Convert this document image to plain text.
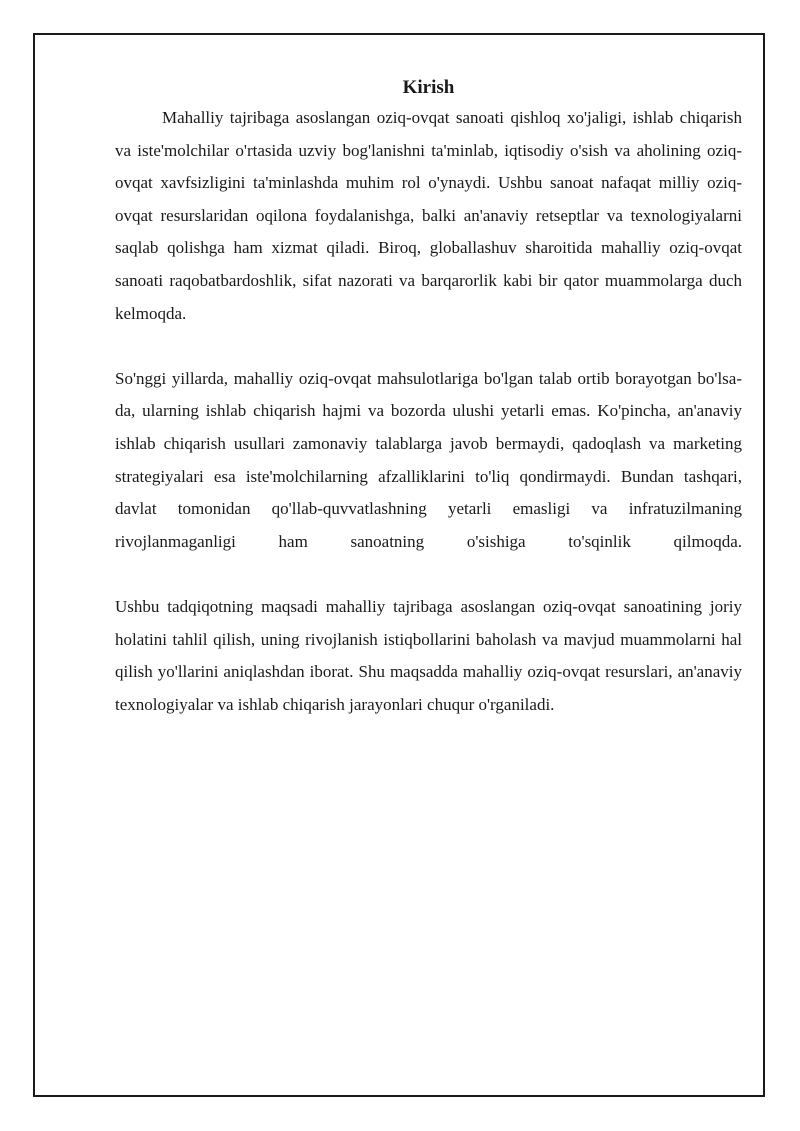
Kirish

Mahalliy tajribaga asoslangan oziq-ovqat sanoati qishloq xo'jaligi, ishlab chiqarish va iste'molchilar o'rtasida uzviy bog'lanishni ta'minlab, iqtisodiy o'sish va aholining oziq-ovqat xavfsizligini ta'minlashda muhim rol o'ynaydi. Ushbu sanoat nafaqat milliy oziq-ovqat resurslaridan oqilona foydalanishga, balki an'anaviy retseptlar va texnologiyalarni saqlab qolishga ham xizmat qiladi. Biroq, globallashuv sharoitida mahalliy oziq-ovqat sanoati raqobatbardoshlik, sifat nazorati va barqarorlik kabi bir qator muammolarga duch kelmoqda.

So'nggi yillarda, mahalliy oziq-ovqat mahsulotlariga bo'lgan talab ortib borayotgan bo'lsa-da, ularning ishlab chiqarish hajmi va bozorda ulushi yetarli emas. Ko'pincha, an'anaviy ishlab chiqarish usullari zamonaviy talablarga javob bermaydi, qadoqlash va marketing strategiyalari esa iste'molchilarning afzalliklarini to'liq qondirmaydi. Bundan tashqari, davlat tomonidan qo'llab-quvvatlashning yetarli emasligi va infratuzilmaning rivojlanmaganligi ham sanoatning o'sishiga to'sqinlik qilmoqda.

Ushbu tadqiqotning maqsadi mahalliy tajribaga asoslangan oziq-ovqat sanoatining joriy holatini tahlil qilish, uning rivojlanish istiqbollarini baholash va mavjud muammolarni hal qilish yo'llarini aniqlashdan iborat. Shu maqsadda mahalliy oziq-ovqat resurslari, an'anaviy texnologiyalar va ishlab chiqarish jarayonlari chuqur o'rganiladi.
